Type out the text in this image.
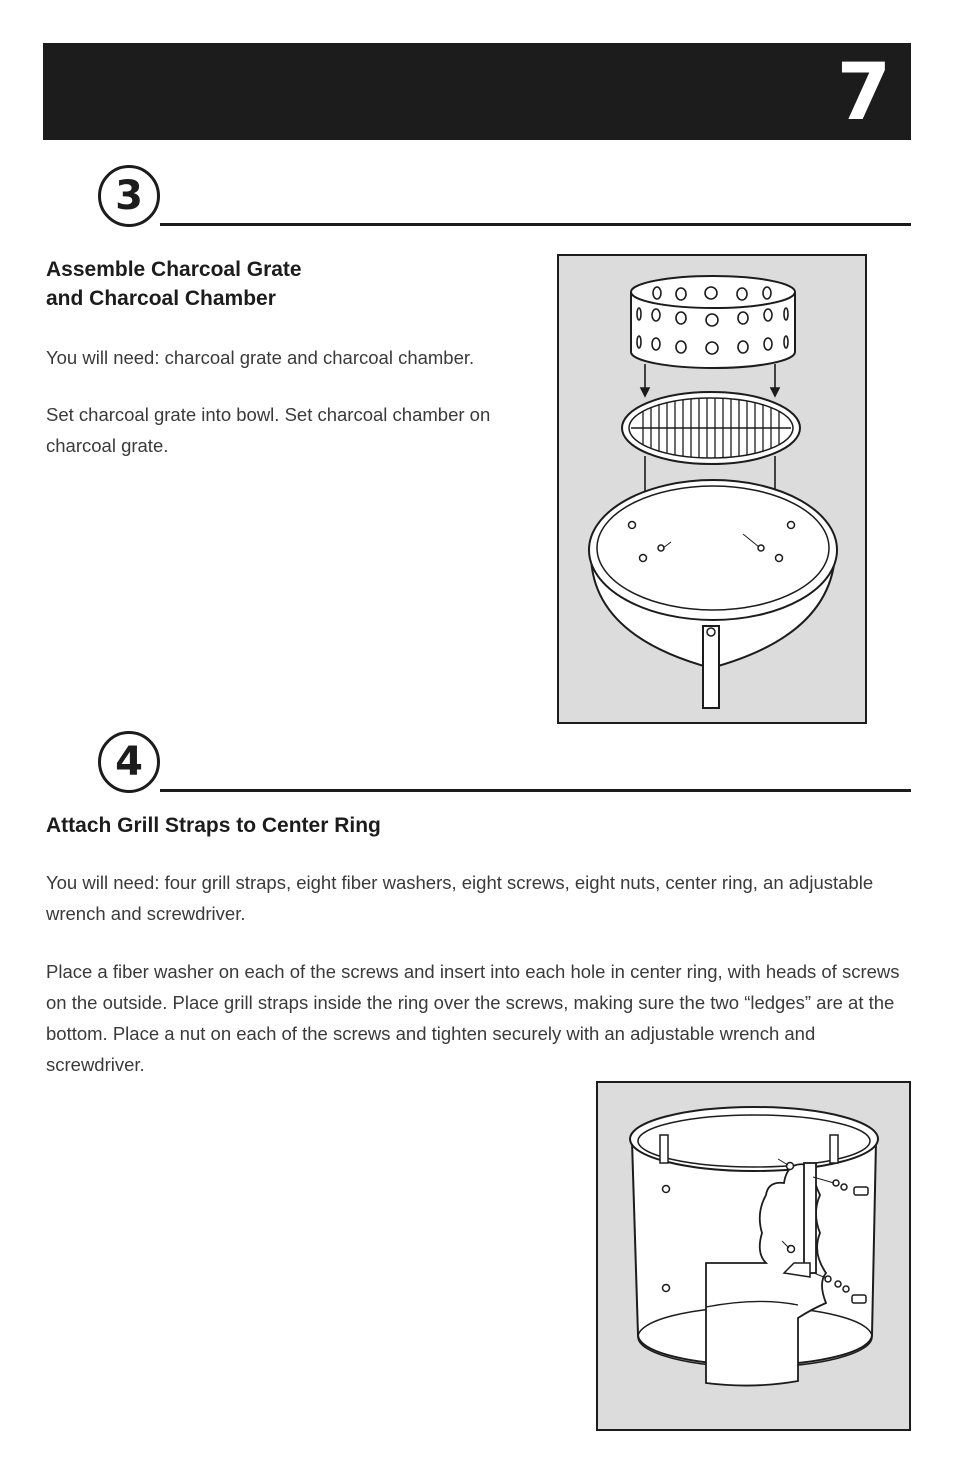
7
3
Assemble Charcoal Grate
and Charcoal Chamber

You will need: charcoal grate and charcoal chamber.

Set charcoal grate into bowl. Set charcoal chamber on charcoal grate.

4
Attach Grill Straps to Center Ring

You will need: four grill straps, eight fiber washers, eight screws, eight nuts, center ring, an adjustable wrench and screwdriver.

Place a fiber washer on each of the screws and insert into each hole in center ring, with heads of screws on the outside. Place grill straps inside the ring over the screws, making sure the two “ledges” are at the bottom. Place a nut on each of the screws and tighten securely with an adjustable wrench and screwdriver.
